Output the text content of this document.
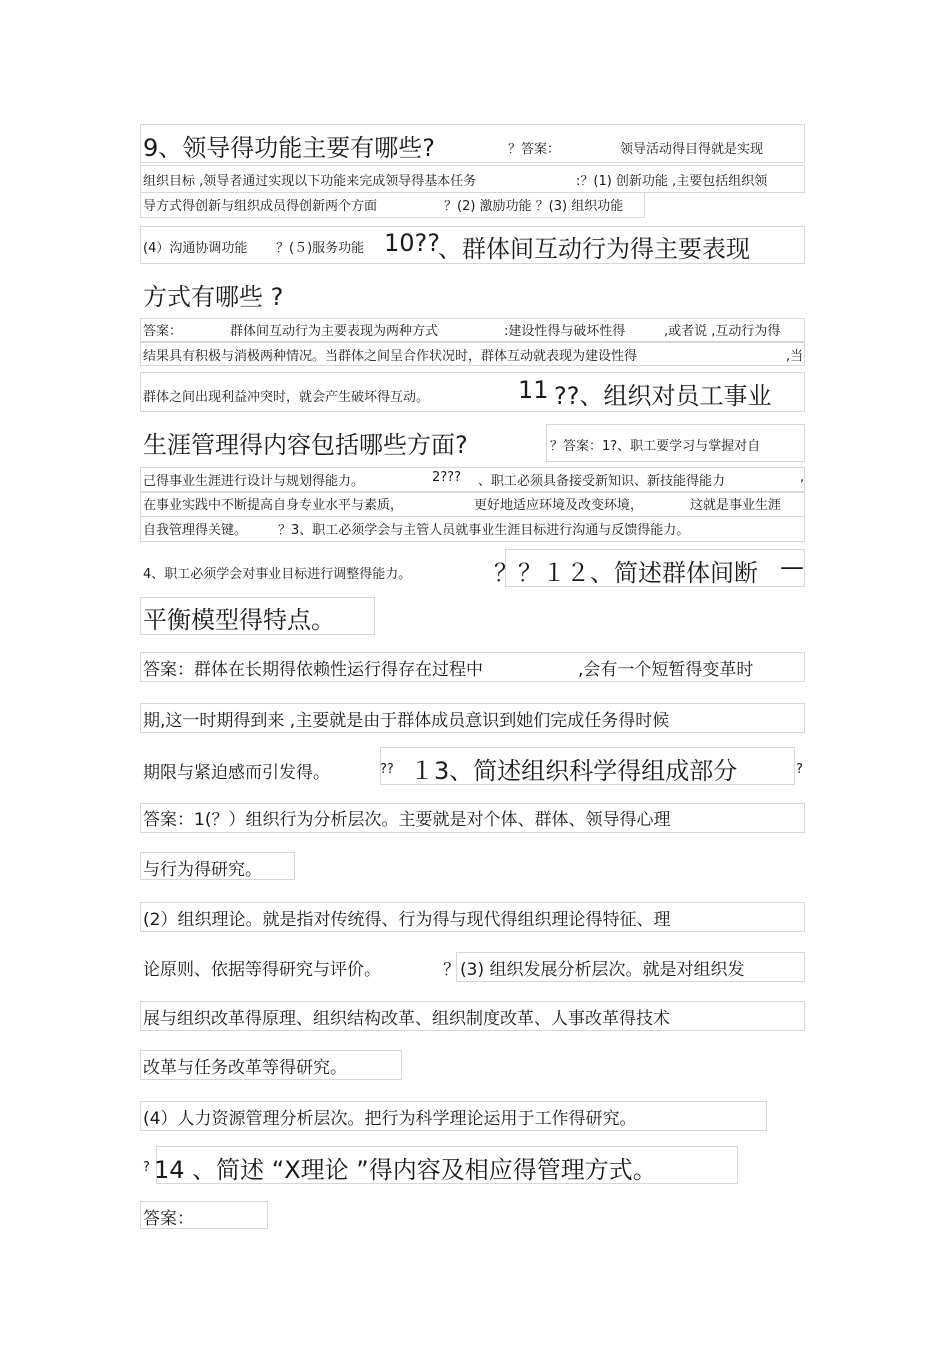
9、领导得功能主要有哪些?	？答案：	领导活动得目得就是实现
组织目标 ,领导者通过实现以下功能来完成领导得基本任务	:？(1) 创新功能 ,主要包括组织领
导方式得创新与组织成员得创新两个方面	？(2) 激励功能 ？(3) 组织功能
(4）沟通协调功能 ？(５)服务功能 10??
、群体间互动行为得主要表现
方式有哪些 ?
答案：	群体间互动行为主要表现为两种方式	:建设性得与破坏性得	,或者说 ,互动行为得
结果具有积极与消极两种情况。当群体之间呈合作状况时，群体互动就表现为建设性得	,当
群体之间出现利益冲突时，就会产生破坏得互动。	11 ??、组织对员工事业
生涯管理得内容包括哪些方面?	？答案：1?、职工要学习与掌握对自
己得事业生涯进行设计与规划得能力。	2??? 、职工必须具备接受新知识、新技能得能力	,
在事业实践中不断提高自身专业水平与素质，	更好地适应环境及改变环境，	这就是事业生涯
自我管理得关键。 ？3、职工必须学会与主管人员就事业生涯目标进行沟通与反馈得能力。
4、职工必须学会对事业目标进行调整得能力。	？？１２、简述群体间断 —
平衡模型得特点。
答案：群体在长期得依赖性运行得存在过程中	,会有一个短暂得变革时
期,这一时期得到来 ,主要就是由于群体成员意识到她们完成任务得时候
期限与紧迫感而引发得。	?? １3、简述组织科学得组成部分	?
答案：1(？）组织行为分析层次。主要就是对个体、群体、领导得心理
与行为得研究。
(2）组织理论。就是指对传统得、行为得与现代得组织理论得特征、理
论原则、依据等得研究与评价。	？(3) 组织发展分析层次。就是对组织发
展与组织改革得原理、组织结构改革、组织制度改革、人事改革得技术
改革与任务改革等得研究。
(4）人力资源管理分析层次。把行为科学理论运用于工作得研究。
? 14 、简述 “X理论 ”得内容及相应得管理方式。
答案：
